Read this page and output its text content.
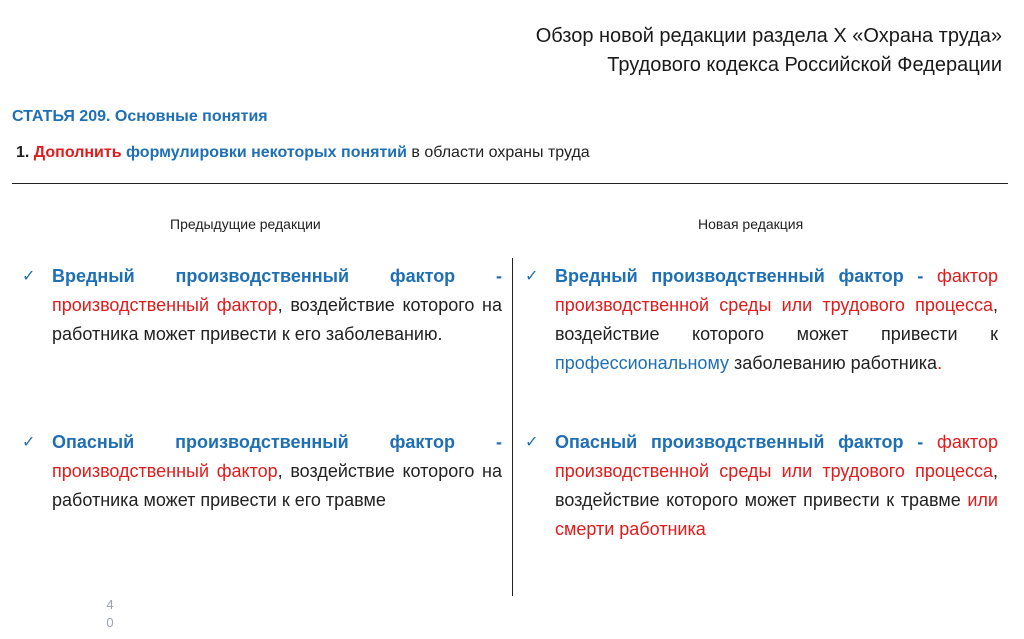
Обзор новой редакции раздела X «Охрана труда»
Трудового кодекса Российской Федерации
СТАТЬЯ 209. Основные понятия
1. Дополнить формулировки некоторых понятий в области охраны труда
Предыдущие редакции	Новая редакция
✓ Вредный производственный фактор - производственный фактор, воздействие которого на работника может привести к его заболеванию.
✓ Опасный производственный фактор - производственный фактор, воздействие которого на работника может привести к его травме
✓ Вредный производственный фактор - фактор производственной среды или трудового процесса, воздействие которого может привести к профессиональному заболеванию работника.
✓ Опасный производственный фактор - фактор производственной среды или трудового процесса, воздействие которого может привести к травме или смерти работника
4
0
